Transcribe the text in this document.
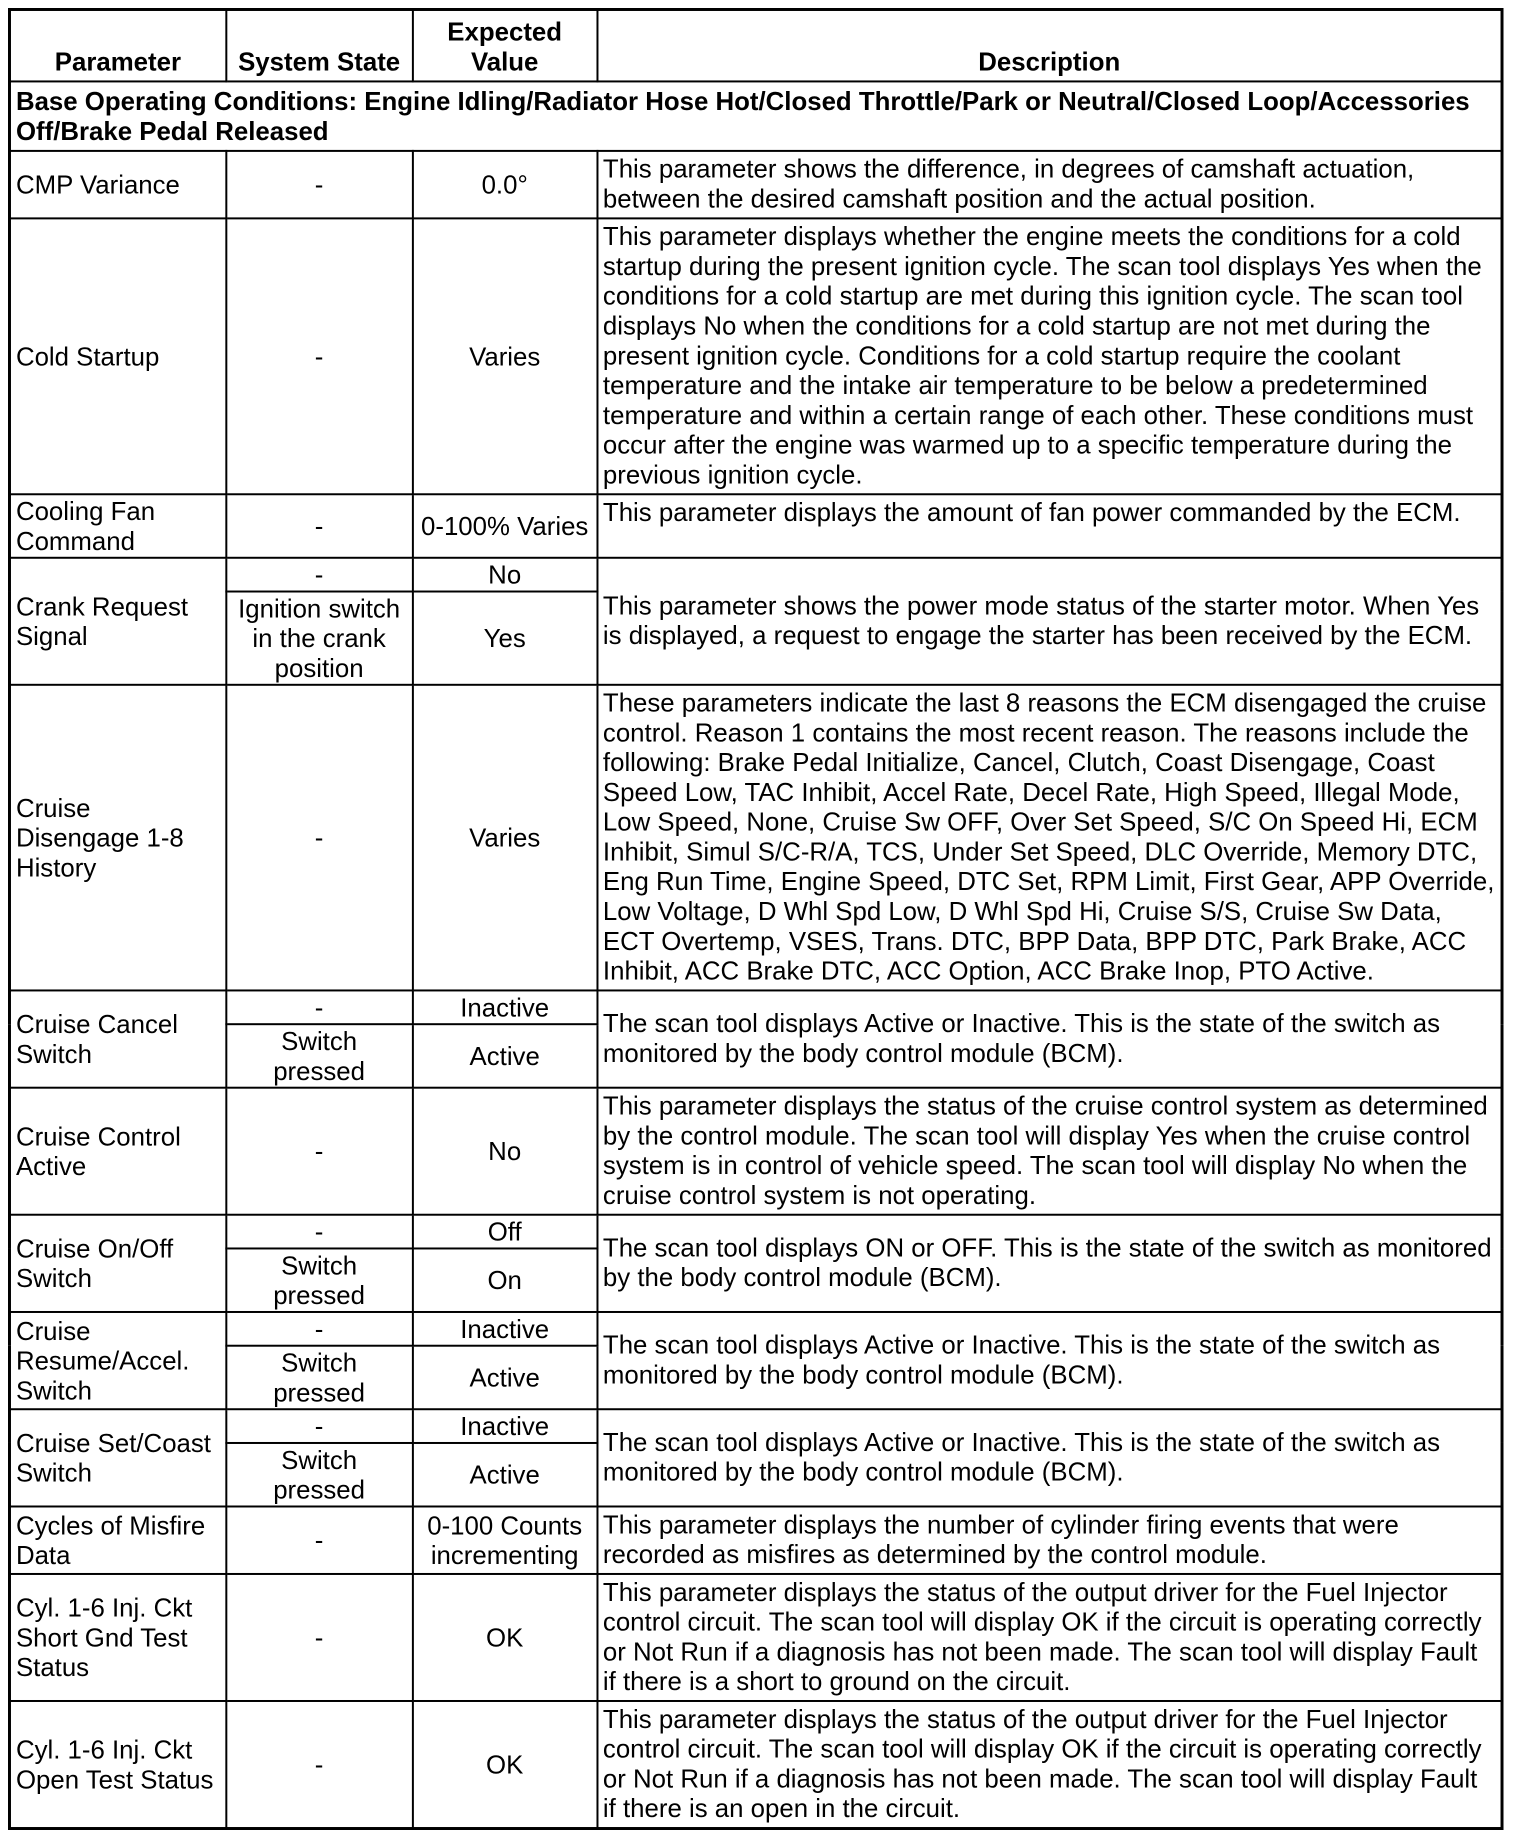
Parameter	System State	Expected Value	Description
Base Operating Conditions: Engine Idling/Radiator Hose Hot/Closed Throttle/Park or Neutral/Closed Loop/Accessories Off/Brake Pedal Released			
CMP Variance	-	0.0°	This parameter shows the difference, in degrees of camshaft actuation, between the desired camshaft position and the actual position.
Cold Startup	-	Varies	This parameter displays whether the engine meets the conditions for a cold startup during the present ignition cycle. The scan tool displays Yes when the conditions for a cold startup are met during this ignition cycle. The scan tool displays No when the conditions for a cold startup are not met during the present ignition cycle. Conditions for a cold startup require the coolant temperature and the intake air temperature to be below a predetermined temperature and within a certain range of each other. These conditions must occur after the engine was warmed up to a specific temperature during the previous ignition cycle.
Cooling Fan Command	-	0-100% Varies	This parameter displays the amount of fan power commanded by the ECM.
Crank Request Signal	-	No	This parameter shows the power mode status of the starter motor. When Yes is displayed, a request to engage the starter has been received by the ECM.
	Ignition switch in the crank position	Yes	
Cruise Disengage 1-8 History	-	Varies	These parameters indicate the last 8 reasons the ECM disengaged the cruise control. Reason 1 contains the most recent reason. The reasons include the following: Brake Pedal Initialize, Cancel, Clutch, Coast Disengage, Coast Speed Low, TAC Inhibit, Accel Rate, Decel Rate, High Speed, Illegal Mode, Low Speed, None, Cruise Sw OFF, Over Set Speed, S/C On Speed Hi, ECM Inhibit, Simul S/C-R/A, TCS, Under Set Speed, DLC Override, Memory DTC, Eng Run Time, Engine Speed, DTC Set, RPM Limit, First Gear, APP Override, Low Voltage, D Whl Spd Low, D Whl Spd Hi, Cruise S/S, Cruise Sw Data, ECT Overtemp, VSES, Trans. DTC, BPP Data, BPP DTC, Park Brake, ACC Inhibit, ACC Brake DTC, ACC Option, ACC Brake Inop, PTO Active.
Cruise Cancel Switch	-	Inactive	The scan tool displays Active or Inactive. This is the state of the switch as monitored by the body control module (BCM).
	Switch pressed	Active	
Cruise Control Active	-	No	This parameter displays the status of the cruise control system as determined by the control module. The scan tool will display Yes when the cruise control system is in control of vehicle speed. The scan tool will display No when the cruise control system is not operating.
Cruise On/Off Switch	-	Off	The scan tool displays ON or OFF. This is the state of the switch as monitored by the body control module (BCM).
	Switch pressed	On	
Cruise Resume/Accel. Switch	-	Inactive	The scan tool displays Active or Inactive. This is the state of the switch as monitored by the body control module (BCM).
	Switch pressed	Active	
Cruise Set/Coast Switch	-	Inactive	The scan tool displays Active or Inactive. This is the state of the switch as monitored by the body control module (BCM).
	Switch pressed	Active	
Cycles of Misfire Data	-	0-100 Counts incrementing	This parameter displays the number of cylinder firing events that were recorded as misfires as determined by the control module.
Cyl. 1-6 Inj. Ckt Short Gnd Test Status	-	OK	This parameter displays the status of the output driver for the Fuel Injector control circuit. The scan tool will display OK if the circuit is operating correctly or Not Run if a diagnosis has not been made. The scan tool will display Fault if there is a short to ground on the circuit.
Cyl. 1-6 Inj. Ckt Open Test Status	-	OK	This parameter displays the status of the output driver for the Fuel Injector control circuit. The scan tool will display OK if the circuit is operating correctly or Not Run if a diagnosis has not been made. The scan tool will display Fault if there is an open in the circuit.
